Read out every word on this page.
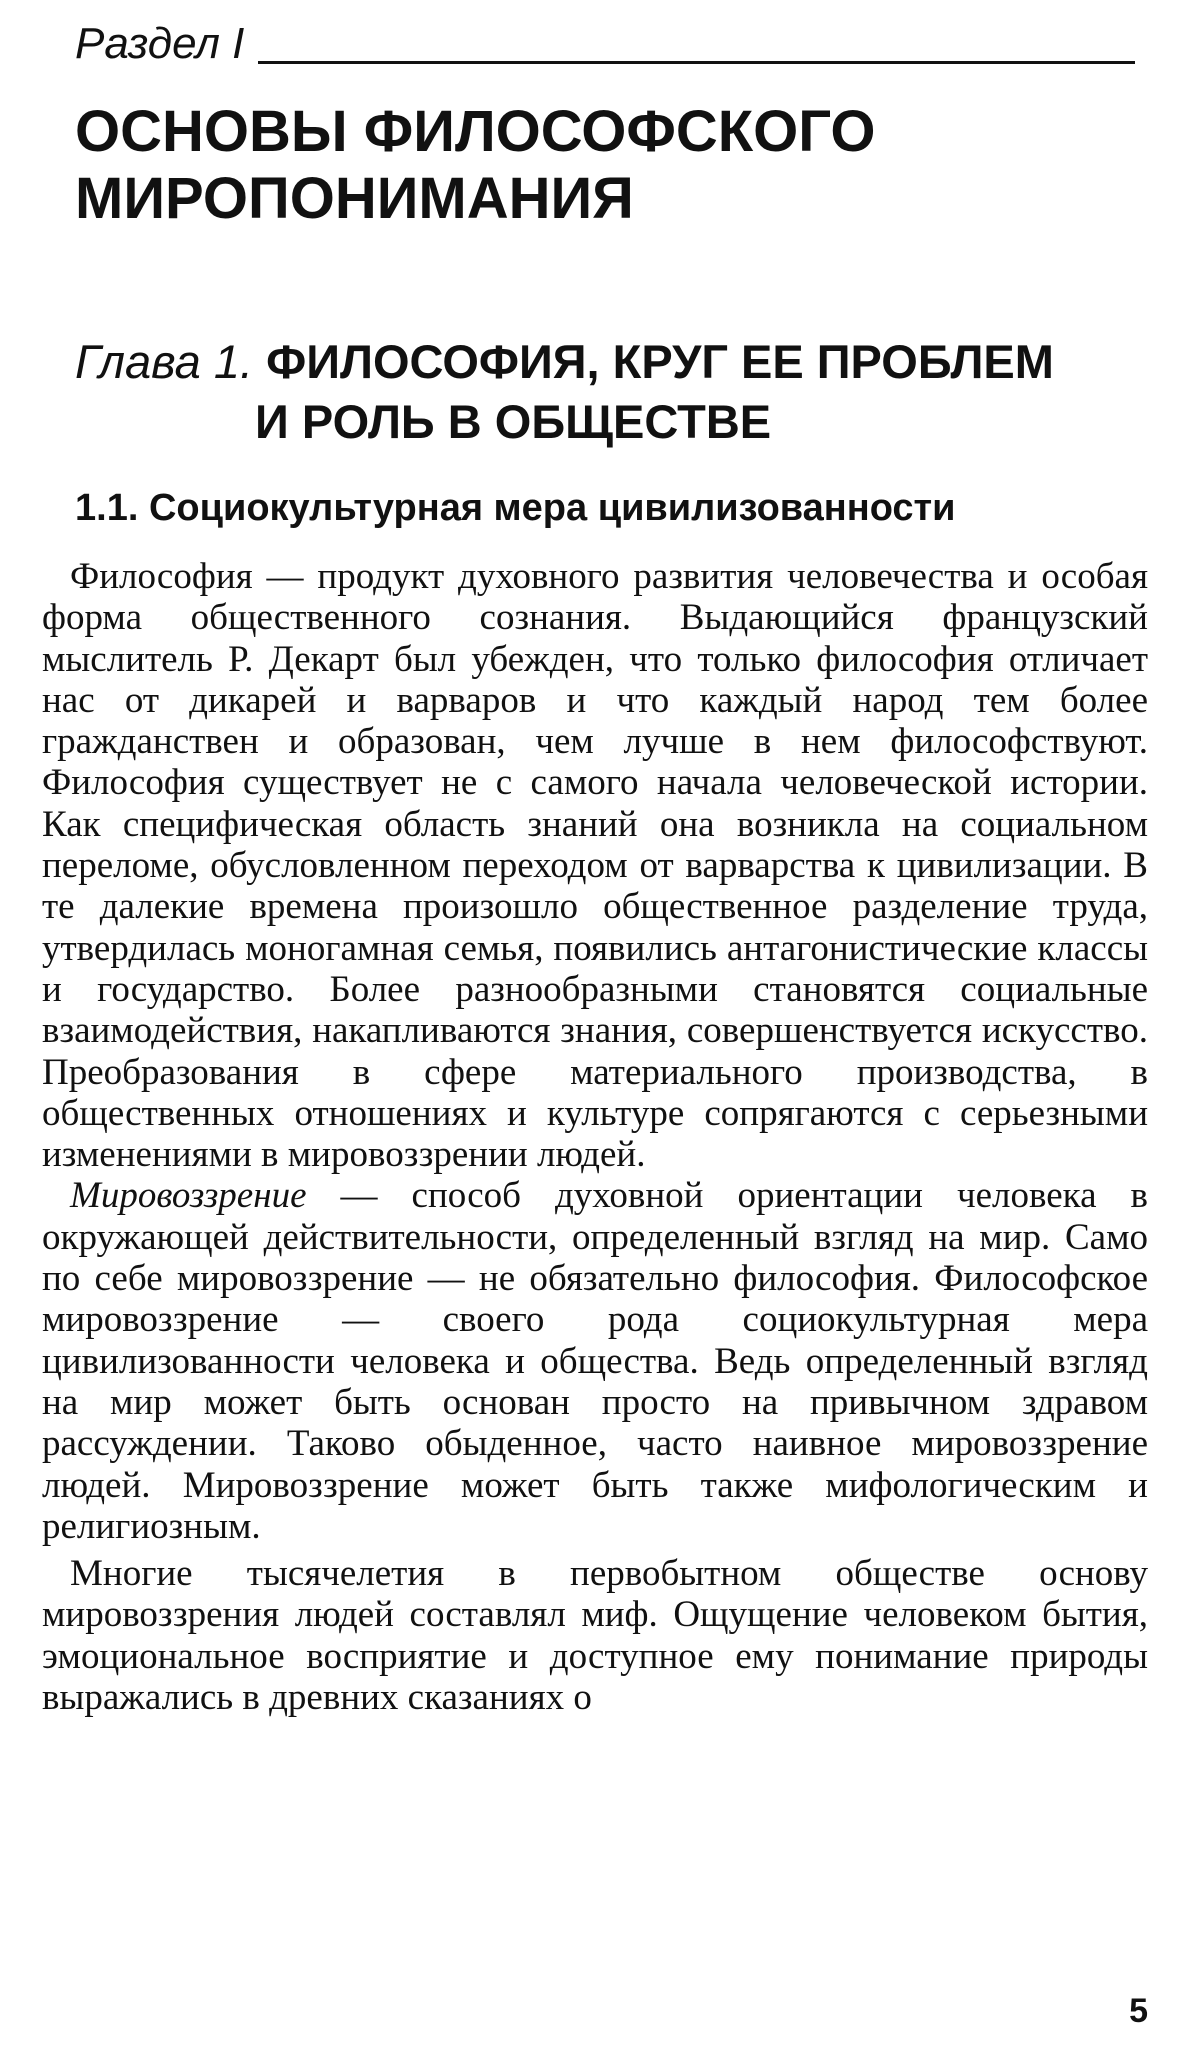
Раздел I
ОСНОВЫ ФИЛОСОФСКОГО
МИРОПОНИМАНИЯ
Глава 1. ФИЛОСОФИЯ, КРУГ ЕЕ ПРОБЛЕМ
И РОЛЬ В ОБЩЕСТВЕ
1.1. Социокультурная мера цивилизованности

Философия — продукт духовного развития человечества и особая форма общественного сознания. Выдающийся французский мыслитель Р. Декарт был убежден, что только философия отличает нас от дикарей и варваров и что каждый народ тем более гражданствен и образован, чем лучше в нем философствуют. Философия существует не с самого начала человеческой истории. Как специфическая область знаний она возникла на социальном переломе, обусловленном переходом от варварства к цивилизации. В те далекие времена произошло общественное разделение труда, утвердилась моногамная семья, появились антагонистические классы и государство. Более разнообразными становятся социальные взаимодействия, накапливаются знания, совершенствуется искусство. Преобразования в сфере материального производства, в общественных отношениях и культуре сопрягаются с серьезными изменениями в мировоззрении людей.

Мировоззрение — способ духовной ориентации человека в окружающей действительности, определенный взгляд на мир. Само по себе мировоззрение — не обязательно философия. Философское мировоззрение — своего рода социокультурная мера цивилизованности человека и общества. Ведь определенный взгляд на мир может быть основан просто на привычном здравом рассуждении. Таково обыденное, часто наивное мировоззрение людей. Мировоззрение может быть также мифологическим и религиозным.

Многие тысячелетия в первобытном обществе основу мировоззрения людей составлял миф. Ощущение человеком бытия, эмоциональное восприятие и доступное ему понимание природы выражались в древних сказаниях о

5
